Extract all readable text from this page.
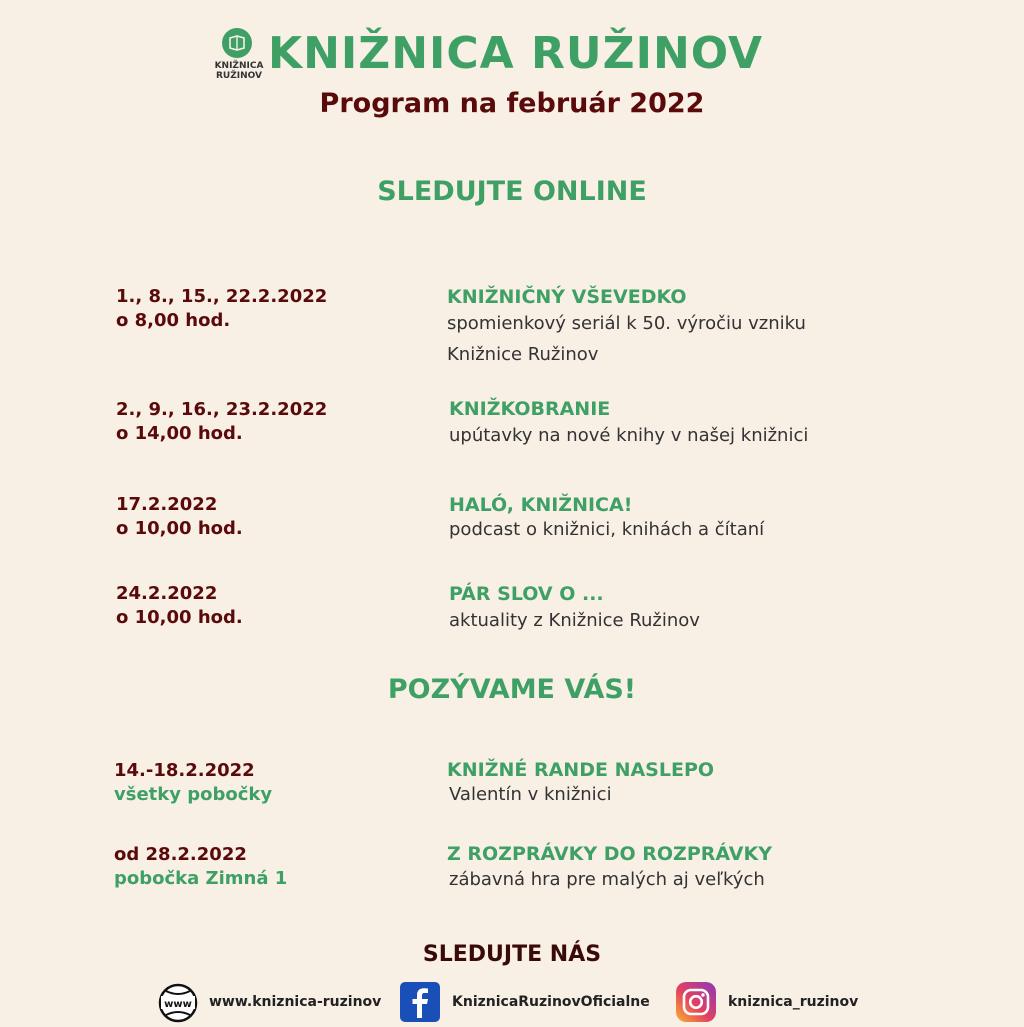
KNIŽNICA
RUŽINOV KNIŽNICA RUŽINOV
Program na február 2022
SLEDUJTE ONLINE
1., 8., 15., 22.2.2022
o 8,00 hod.
KNIŽNIČNÝ VŠEVEDKO
spomienkový seriál k 50. výročiu vzniku Knižnice Ružinov
2., 9., 16., 23.2.2022
o 14,00 hod.
KNIŽKOBRANIE
upútavky na nové knihy v našej knižnici
17.2.2022
o 10,00 hod.
HALÓ, KNIŽNICA!
podcast o knižnici, knihách a čítaní
24.2.2022
o 10,00 hod.
PÁR SLOV O ...
aktuality z Knižnice Ružinov
POZÝVAME VÁS!
14.-18.2.2022
všetky pobočky
KNIŽNÉ RANDE NASLEPO
Valentín v knižnici
od 28.2.2022
pobočka Zimná 1
Z ROZPRÁVKY DO ROZPRÁVKY
zábavná hra pre malých aj veľkých
SLEDUJTE NÁS
www www.kniznica-ruzinov	KniznicaRuzinovOficialne	kniznica_ruzinov
